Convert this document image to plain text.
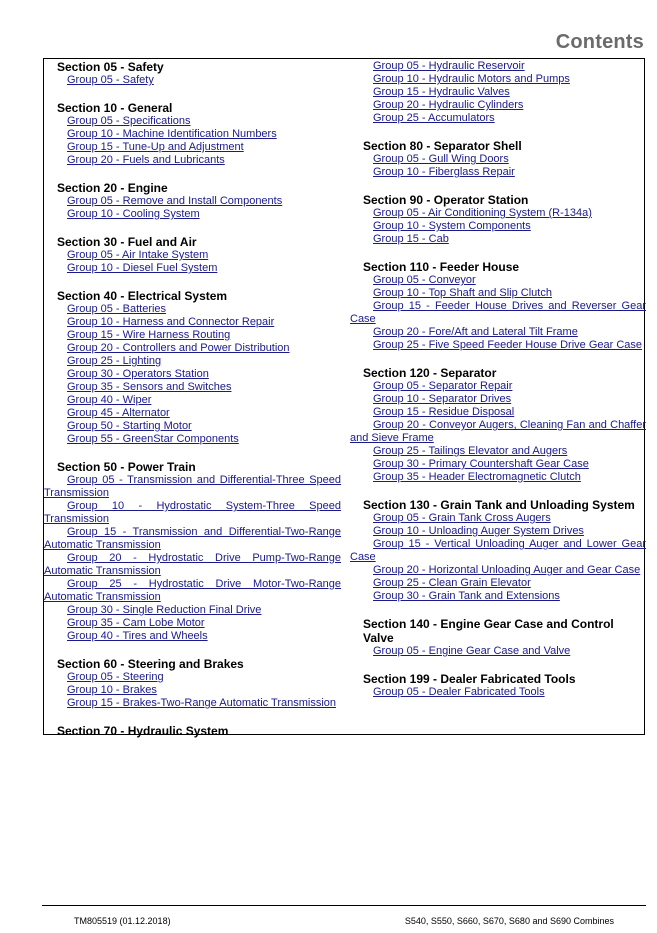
Contents
Section 05 - Safety
Group 05 - Safety
Section 10 - General
Group 05 - Specifications
Group 10 - Machine Identification Numbers
Group 15 - Tune-Up and Adjustment
Group 20 - Fuels and Lubricants
Section 20 - Engine
Group 05 - Remove and Install Components
Group 10 - Cooling System
Section 30 - Fuel and Air
Group 05 - Air Intake System
Group 10 - Diesel Fuel System
Section 40 - Electrical System
Group 05 - Batteries
Group 10 - Harness and Connector Repair
Group 15 - Wire Harness Routing
Group 20 - Controllers and Power Distribution
Group 25 - Lighting
Group 30 - Operators Station
Group 35 - Sensors and Switches
Group 40 - Wiper
Group 45 - Alternator
Group 50 - Starting Motor
Group 55 - GreenStar Components
Section 50 - Power Train
Group 05 - Transmission and Differential-Three Speed Transmission
Group 10 - Hydrostatic System-Three Speed Transmission
Group 15 - Transmission and Differential-Two-Range Automatic Transmission
Group 20 - Hydrostatic Drive Pump-Two-Range Automatic Transmission
Group 25 - Hydrostatic Drive Motor-Two-Range Automatic Transmission
Group 30 - Single Reduction Final Drive
Group 35 - Cam Lobe Motor
Group 40 - Tires and Wheels
Section 60 - Steering and Brakes
Group 05 - Steering
Group 10 - Brakes
Group 15 - Brakes-Two-Range Automatic Transmission
Section 70 - Hydraulic System
Group 05 - Hydraulic Reservoir
Group 10 - Hydraulic Motors and Pumps
Group 15 - Hydraulic Valves
Group 20 - Hydraulic Cylinders
Group 25 - Accumulators
Section 80 - Separator Shell
Group 05 - Gull Wing Doors
Group 10 - Fiberglass Repair
Section 90 - Operator Station
Group 05 - Air Conditioning System (R-134a)
Group 10 - System Components
Group 15 - Cab
Section 110 - Feeder House
Group 05 - Conveyor
Group 10 - Top Shaft and Slip Clutch
Group 15 - Feeder House Drives and Reverser Gear Case
Group 20 - Fore/Aft and Lateral Tilt Frame
Group 25 - Five Speed Feeder House Drive Gear Case
Section 120 - Separator
Group 05 - Separator Repair
Group 10 - Separator Drives
Group 15 - Residue Disposal
Group 20 - Conveyor Augers, Cleaning Fan and Chaffer and Sieve Frame
Group 25 - Tailings Elevator and Augers
Group 30 - Primary Countershaft Gear Case
Group 35 - Header Electromagnetic Clutch
Section 130 - Grain Tank and Unloading System
Group 05 - Grain Tank Cross Augers
Group 10 - Unloading Auger System Drives
Group 15 - Vertical Unloading Auger and Lower Gear Case
Group 20 - Horizontal Unloading Auger and Gear Case
Group 25 - Clean Grain Elevator
Group 30 - Grain Tank and Extensions
Section 140 - Engine Gear Case and Control Valve
Group 05 - Engine Gear Case and Valve
Section 199 - Dealer Fabricated Tools
Group 05 - Dealer Fabricated Tools
TM805519 (01.12.2018)	S540, S550, S660, S670, S680 and S690 Combines
